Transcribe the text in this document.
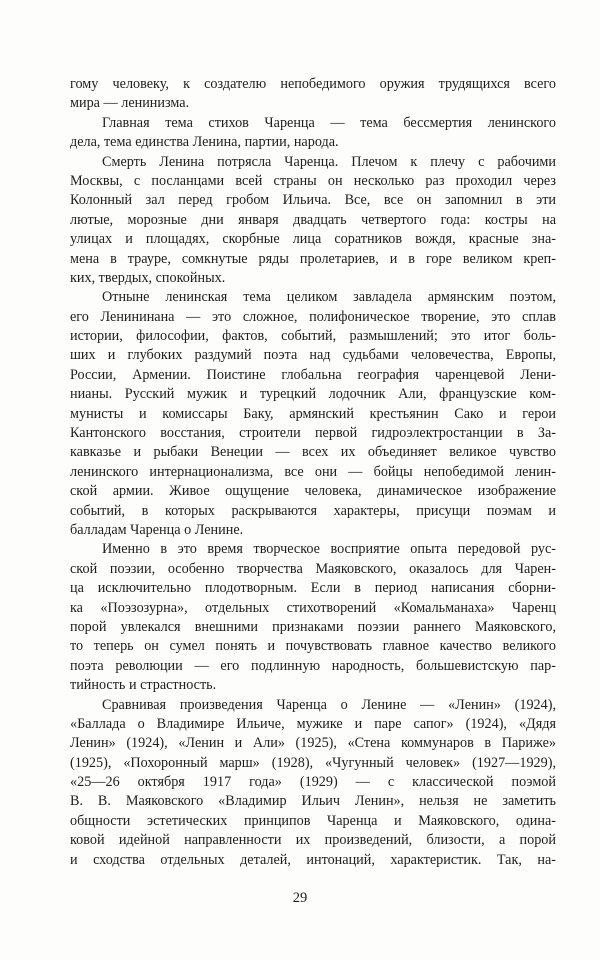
гому человеку, к создателю непобедимого оружия трудящихся всего
мира — ленинизма.
Главная тема стихов Чаренца — тема бессмертия ленинского
дела, тема единства Ленина, партии, народа.
Смерть Ленина потрясла Чаренца. Плечом к плечу с рабочими
Москвы, с посланцами всей страны он несколько раз проходил через
Колонный зал перед гробом Ильича. Все, все он запомнил в эти
лютые, морозные дни января двадцать четвертого года: костры на
улицах и площадях, скорбные лица соратников вождя, красные зна-
мена в трауре, сомкнутые ряды пролетариев, и в горе великом креп-
ких, твердых, спокойных.
Отныне ленинская тема целиком завладела армянским поэтом,
его Ленининана — это сложное, полифоническое творение, это сплав
истории, философии, фактов, событий, размышлений; это итог боль-
ших и глубоких раздумий поэта над судьбами человечества, Европы,
России, Армении. Поистине глобальна география чаренцевой Лени-
нианы. Русский мужик и турецкий лодочник Али, французские ком-
мунисты и комиссары Баку, армянский крестьянин Сако и герои
Кантонского восстания, строители первой гидроэлектростанции в За-
кавказье и рыбаки Венеции — всех их объединяет великое чувство
ленинского интернационализма, все они — бойцы непобедимой ленин-
ской армии. Живое ощущение человека, динамическое изображение
событий, в которых раскрываются характеры, присущи поэмам и
балладам Чаренца о Ленине.
Именно в это время творческое восприятие опыта передовой рус-
ской поэзии, особенно творчества Маяковского, оказалось для Чарен-
ца исключительно плодотворным. Если в период написания сборни-
ка «Поэзозурна», отдельных стихотворений «Комальманаха» Чаренц
порой увлекался внешними признаками поэзии раннего Маяковского,
то теперь он сумел понять и почувствовать главное качество великого
поэта революции — его подлинную народность, большевистскую пар-
тийность и страстность.
Сравнивая произведения Чаренца о Ленине — «Ленин» (1924),
«Баллада о Владимире Ильиче, мужике и паре сапог» (1924), «Дядя
Ленин» (1924), «Ленин и Али» (1925), «Стена коммунаров в Париже»
(1925), «Похоронный марш» (1928), «Чугунный человек» (1927—1929),
«25—26 октября 1917 года» (1929) — с классической поэмой
В. В. Маяковского «Владимир Ильич Ленин», нельзя не заметить
общности эстетических принципов Чаренца и Маяковского, одина-
ковой идейной направленности их произведений, близости, а порой
и сходства отдельных деталей, интонаций, характеристик. Так, на-
29
